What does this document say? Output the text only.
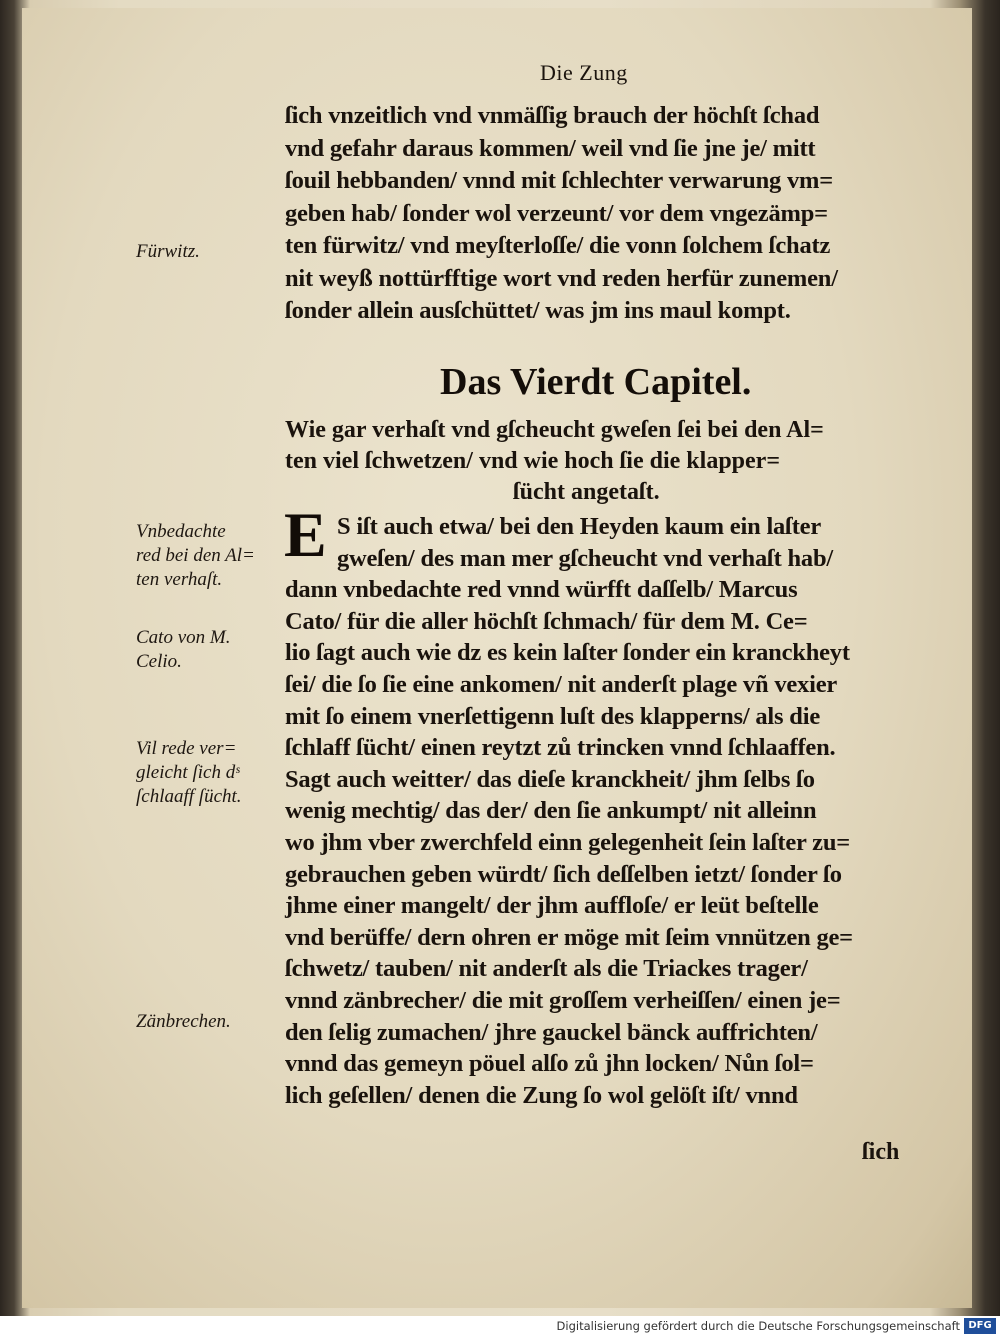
Die Zung
ſich vnzeitlich vnd vnmäſſig brauch der höchſt ſchad
vnd gefahr daraus kommen/ weil vnd ſie jne je/ mitt
ſouil hebbanden/ vnnd mit ſchlechter verwarung vm=
geben hab/ ſonder wol verzeunt/ vor dem vngezämp=
ten fürwitz/ vnd meyſterloſſe/ die vonn ſolchem ſchatz
nit weyß nottürfftige wort vnd reden herfür zunemen/
ſonder allein ausſchüttet/ was jm ins maul kompt.
Das Vierdt Capitel.
Wie gar verhaſt vnd gſcheucht gweſen ſei bei den Al=
ten viel ſchwetzen/ vnd wie hoch ſie die klapper=
ſücht angetaſt.
E S iſt auch etwa/ bei den Heyden kaum ein laſter
gweſen/ des man mer gſcheucht vnd verhaſt hab/
dann vnbedachte red vnnd würfft daſſelb/ Marcus
Cato/ für die aller höchſt ſchmach/ für dem M. Ce=
lio ſagt auch wie dz es kein laſter ſonder ein kranckheyt
ſei/ die ſo ſie eine ankomen/ nit anderſt plage vñ vexier
mit ſo einem vnerſettigenn luſt des klapperns/ als die
ſchlaff ſücht/ einen reytzt zů trincken vnnd ſchlaaffen.
Sagt auch weitter/ das dieſe kranckheit/ jhm ſelbs ſo
wenig mechtig/ das der/ den ſie ankumpt/ nit alleinn
wo jhm vber zwerchfeld einn gelegenheit ſein laſter zu=
gebrauchen geben würdt/ ſich deſſelben ietzt/ ſonder ſo
jhme einer mangelt/ der jhm auffloſe/ er leüt beſtelle
vnd berüffe/ dern ohren er möge mit ſeim vnnützen ge=
ſchwetz/ tauben/ nit anderſt als die Triackes trager/
vnnd zänbrecher/ die mit groſſem verheiſſen/ einen je=
den ſelig zumachen/ jhre gauckel bänck auffrichten/
vnnd das gemeyn pöuel alſo zů jhn locken/ Nůn ſol=
lich geſellen/ denen die Zung ſo wol gelöſt iſt/ vnnd
ſich
Fürwitz.
Vnbedachte
red bei den Al=
ten verhaſt.
Cato von M.
Celio.
Vil rede ver=
gleicht ſich dˢ
ſchlaaff ſücht.
Zänbrechen.
Digitalisierung gefördert durch die Deutsche Forschungsgemeinschaft DFG
